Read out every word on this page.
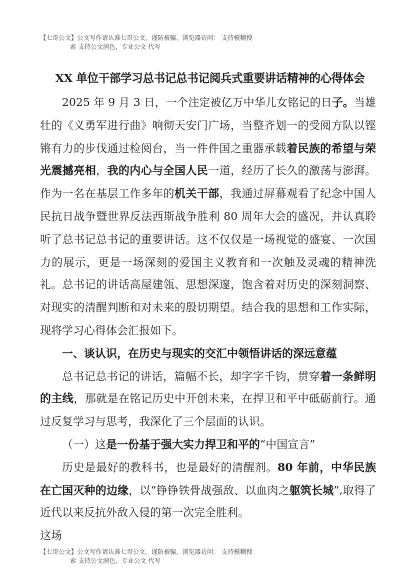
【七哥公文】公文写作请认准七哥公文，谨防被骗，浏览器访问： 支持模糊搜
索 支持公文润色，专业公文 代写
XX 单位干部学习总书记总书记阅兵式重要讲话精神的心得体会

2025 年 9 月 3 日，一个注定被亿万中华儿女铭记的日子。当雄壮的《义勇军进行曲》响彻天安门广场，当整齐划一的受阅方队以铿锵有力的步伐通过检阅台，当一件件国之重器承载着民族的希望与荣光震撼亮相，我的内心与全国人民一道，经历了长久的激荡与澎湃。作为一名在基层工作多年的机关干部，我通过屏幕观看了纪念中国人民抗日战争暨世界反法西斯战争胜利 80 周年大会的盛况，并认真聆听了总书记总书记的重要讲话。这不仅仅是一场视觉的盛宴、一次国力的展示，更是一场深刻的爱国主义教育和一次触及灵魂的精神洗礼。总书记的讲话高屋建瓴、思想深邃，饱含着对历史的深刻洞察、对现实的清醒判断和对未来的殷切期望。结合我的思想和工作实际，现将学习心得体会汇报如下。

一、谈认识，在历史与现实的交汇中领悟讲话的深远意蕴

总书记总书记的讲话，篇幅不长，却字字千钧，贯穿着一条鲜明的主线，那就是在铭记历史中开创未来，在捍卫和平中砥砺前行。通过反复学习与思考，我深化了三个层面的认识。

（一）这是一份基于强大实力捍卫和平的“中国宣言”

历史是最好的教科书，也是最好的清醒剂。80 年前，中华民族在亡国灭种的边缘，以“铮铮铁骨战强敌、以血肉之躯筑长城”,取得了近代以来反抗外敌入侵的第一次完全胜利。
这场

【七哥公文】公文写作请认准七哥公文，谨防被骗，浏览器访问： 支持模糊搜
索 支持公文润色，专业公文 代写
